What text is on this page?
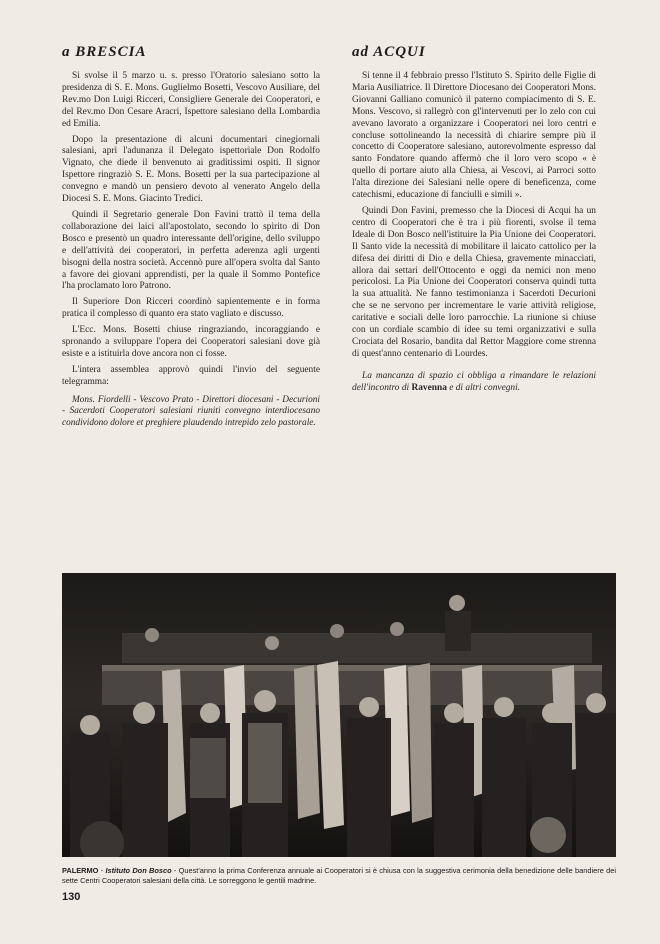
a BRESCIA

Si svolse il 5 marzo u. s. presso l'Oratorio salesiano sotto la presidenza di S. E. Mons. Guglielmo Bosetti, Vescovo Ausiliare, del Rev.mo Don Luigi Ricceri, Consigliere Generale dei Cooperatori, e del Rev.mo Don Cesare Aracri, Ispettore salesiano della Lombardia ed Emilia.

Dopo la presentazione di alcuni documentari cinegiornali salesiani, aprì l'adunanza il Delegato ispettoriale Don Rodolfo Vignato, che diede il benvenuto ai graditissimi ospiti. Il signor Ispettore ringraziò S. E. Mons. Bosetti per la sua partecipazione al convegno e mandò un pensiero devoto al venerato Angelo della Diocesi S. E. Mons. Giacinto Tredici.

Quindi il Segretario generale Don Favini trattò il tema della collaborazione dei laici all'apostolato, secondo lo spirito di Don Bosco e presentò un quadro interessante dell'origine, dello sviluppo e dell'attività dei cooperatori, in perfetta aderenza agli urgenti bisogni della nostra società. Accennò pure all'opera svolta dal Santo a favore dei giovani apprendisti, per la quale il Sommo Pontefice l'ha proclamato loro Patrono.

Il Superiore Don Ricceri coordinò sapientemente e in forma pratica il complesso di quanto era stato vagliato e discusso.

L'Ecc. Mons. Bosetti chiuse ringraziando, incoraggiando e spronando a sviluppare l'opera dei Cooperatori salesiani dove già esiste e a istituirla dove ancora non ci fosse.

L'intera assemblea approvò quindi l'invio del seguente telegramma:

Mons. Fiordelli - Vescovo Prato - Direttori diocesani - Decurioni - Sacerdoti Cooperatori salesiani riuniti convegno interdiocesano condividono dolore et preghiere plaudendo intrepido zelo pastorale.

ad ACQUI

Si tenne il 4 febbraio presso l'Istituto S. Spirito delle Figlie di Maria Ausiliatrice. Il Direttore Diocesano dei Cooperatori Mons. Giovanni Galliano comunicò il paterno compiacimento di S. E. Mons. Vescovo, si rallegrò con gl'intervenuti per lo zelo con cui avevano lavorato a organizzare i Cooperatori nei loro centri e concluse sottolineando la necessità di chiarire sempre più il concetto di Cooperatore salesiano, autorevolmente espresso dal santo Fondatore quando affermò che il loro vero scopo « è quello di portare aiuto alla Chiesa, ai Vescovi, ai Parroci sotto l'alta direzione dei Salesiani nelle opere di beneficenza, come catechismi, educazione di fanciulli e simili ».

Quindi Don Favini, premesso che la Diocesi di Acqui ha un centro di Cooperatori che è tra i più fiorenti, svolse il tema Ideale di Don Bosco nell'istituire la Pia Unione dei Cooperatori. Il Santo vide la necessità di mobilitare il laicato cattolico per la difesa dei diritti di Dio e della Chiesa, gravemente minacciati, allora dai settari dell'Ottocento e oggi da nemici non meno pericolosi. La Pia Unione dei Cooperatori conserva quindi tutta la sua attualità. Ne fanno testimonianza i Sacerdoti Decurioni che se ne servono per incrementare le varie attività religiose, caritative e sociali delle loro parrocchie. La riunione si chiuse con un cordiale scambio di idee su temi organizzativi e sulla Crociata del Rosario, bandita dal Rettor Maggiore come strenna di quest'anno centenario di Lourdes.

La mancanza di spazio ci obbliga a rimandare le relazioni dell'incontro di Ravenna e di altri convegni.

PALERMO - Istituto Don Bosco - Quest'anno la prima Conferenza annuale ai Cooperatori si è chiusa con la suggestiva cerimonia della benedizione delle bandiere dei sette Centri Cooperatori salesiani della città. Le sorreggono le gentili madrine.

130
